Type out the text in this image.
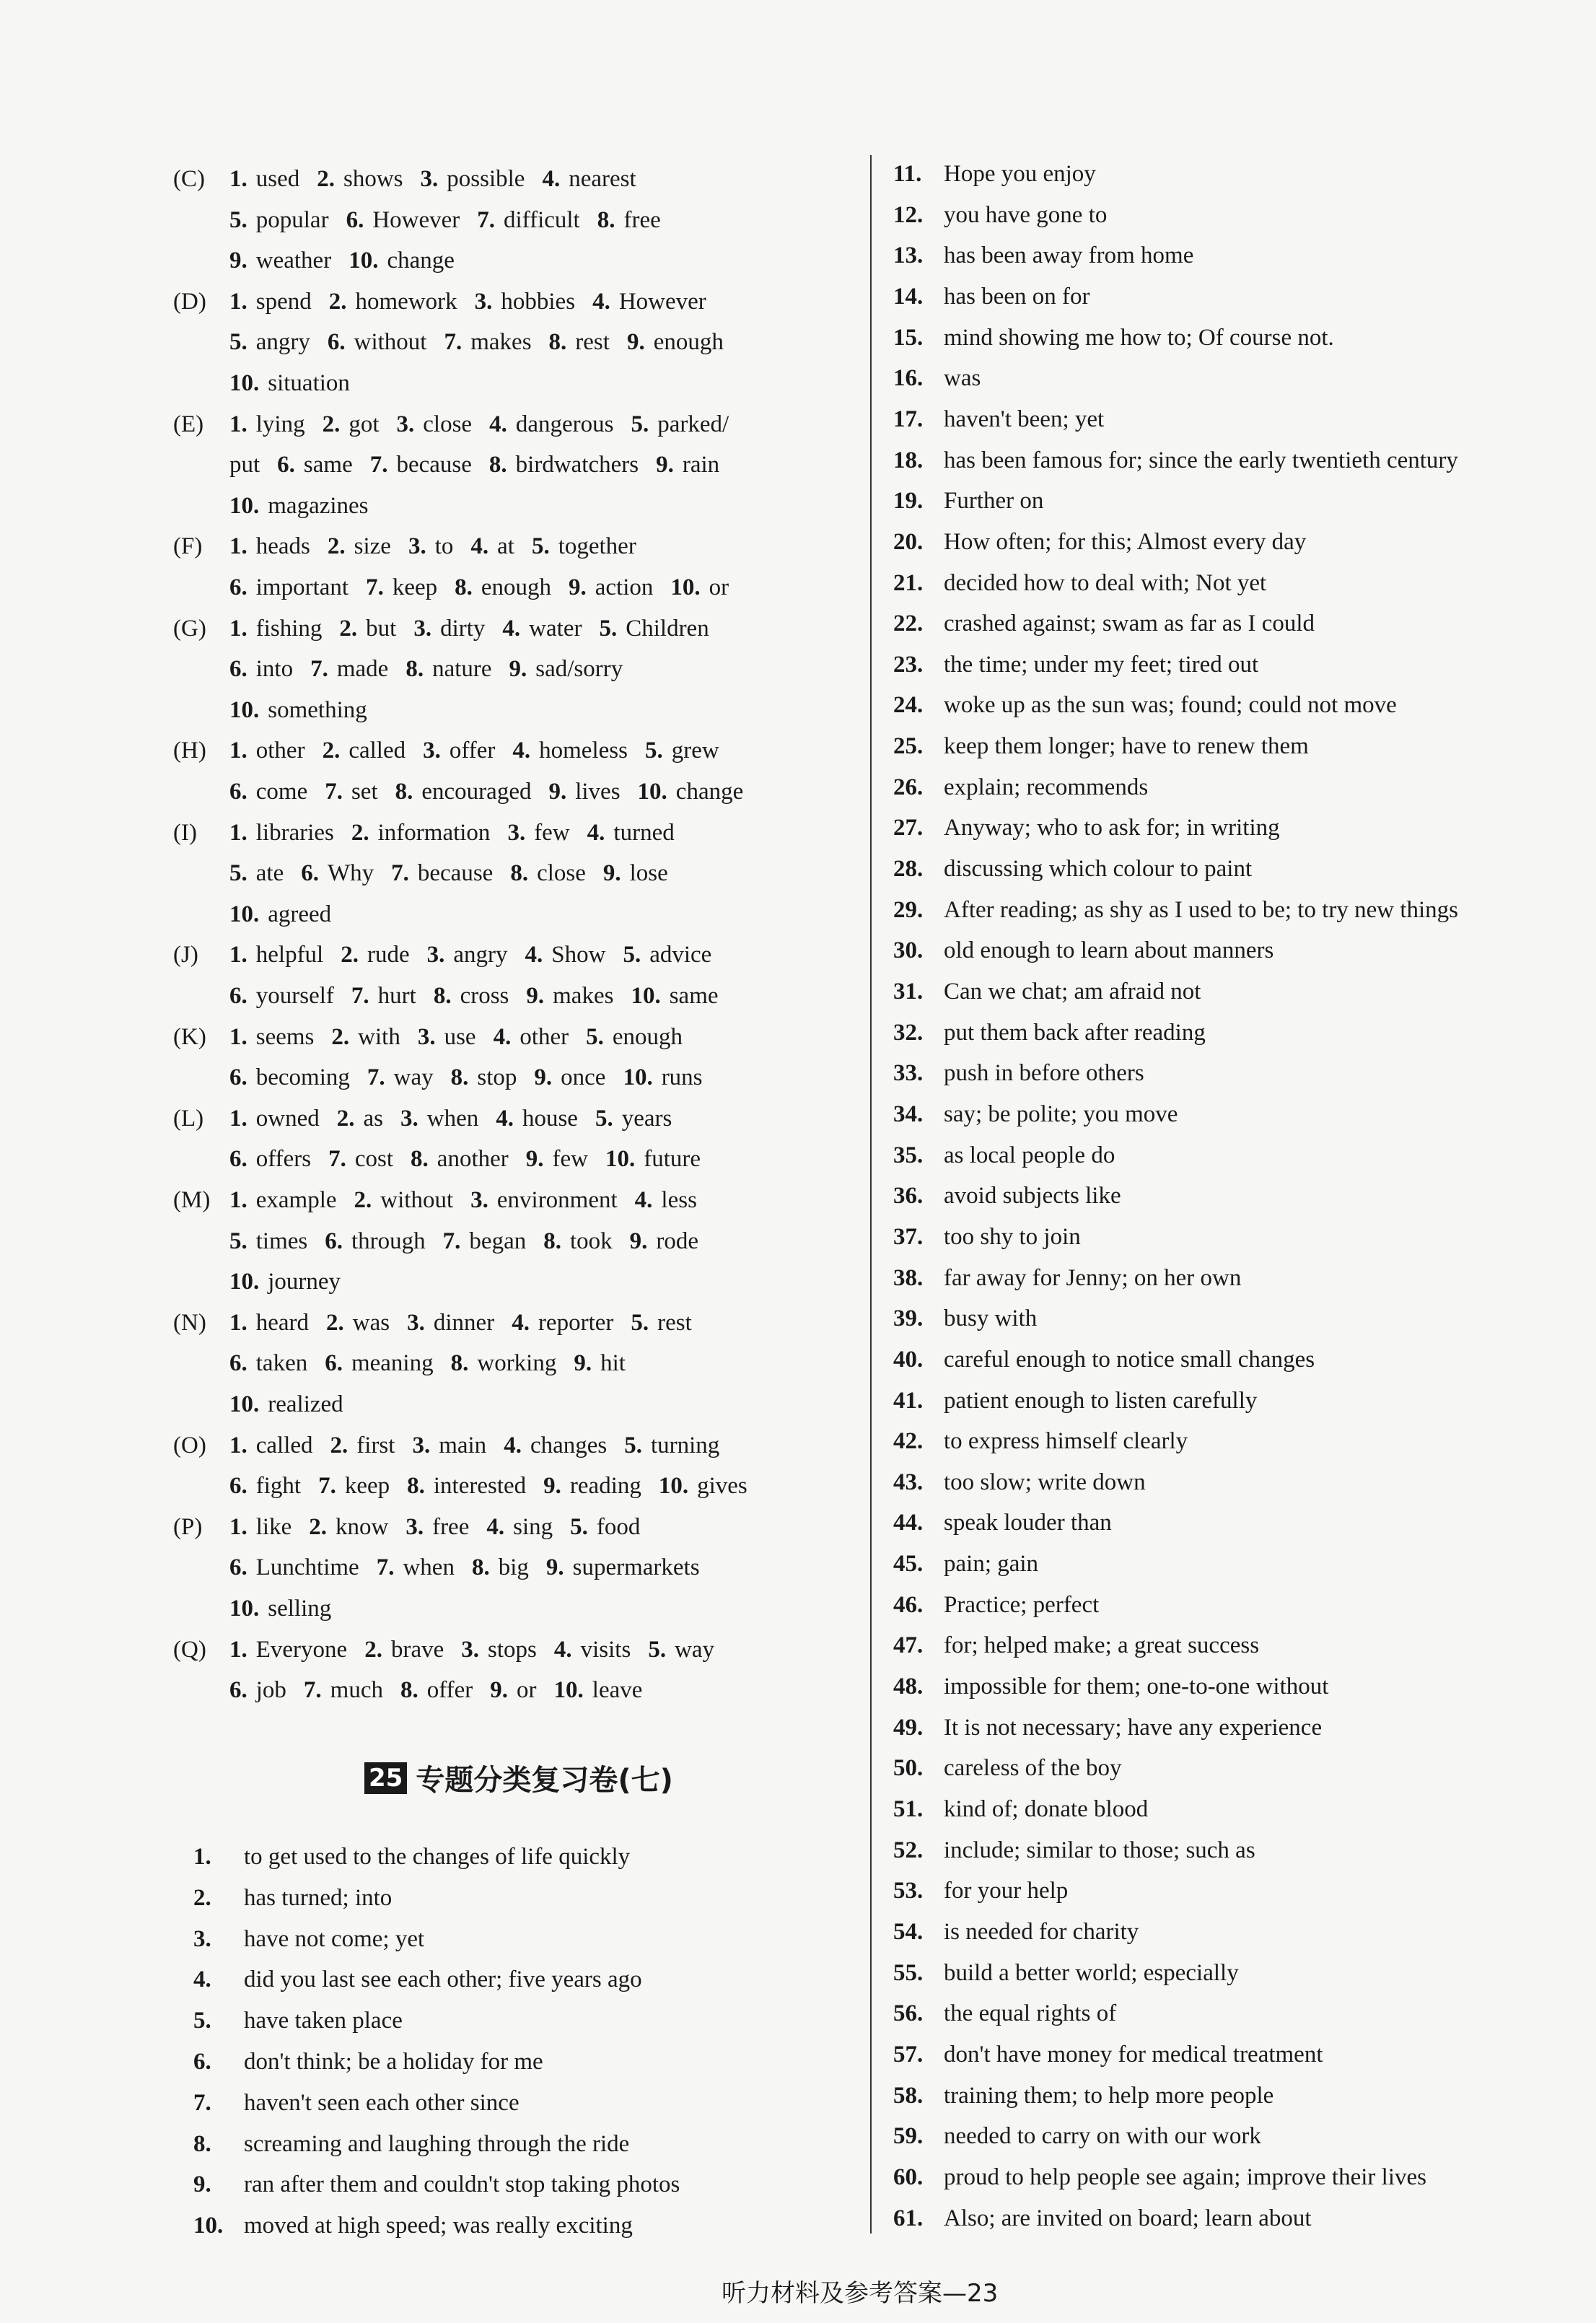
(C) 1. used 2. shows 3. possible 4. nearest
5. popular 6. However 7. difficult 8. free
9. weather 10. change
(D) 1. spend 2. homework 3. hobbies 4. However
5. angry 6. without 7. makes 8. rest 9. enough
10. situation
(E) 1. lying 2. got 3. close 4. dangerous 5. parked/
put 6. same 7. because 8. birdwatchers 9. rain
10. magazines
(F) 1. heads 2. size 3. to 4. at 5. together
6. important 7. keep 8. enough 9. action 10. or
(G) 1. fishing 2. but 3. dirty 4. water 5. Children
6. into 7. made 8. nature 9. sad/sorry
10. something
(H) 1. other 2. called 3. offer 4. homeless 5. grew
6. come 7. set 8. encouraged 9. lives 10. change
(I) 1. libraries 2. information 3. few 4. turned
5. ate 6. Why 7. because 8. close 9. lose
10. agreed
(J) 1. helpful 2. rude 3. angry 4. Show 5. advice
6. yourself 7. hurt 8. cross 9. makes 10. same
(K) 1. seems 2. with 3. use 4. other 5. enough
6. becoming 7. way 8. stop 9. once 10. runs
(L) 1. owned 2. as 3. when 4. house 5. years
6. offers 7. cost 8. another 9. few 10. future
(M) 1. example 2. without 3. environment 4. less
5. times 6. through 7. began 8. took 9. rode
10. journey
(N) 1. heard 2. was 3. dinner 4. reporter 5. rest
6. taken 6. meaning 8. working 9. hit
10. realized
(O) 1. called 2. first 3. main 4. changes 5. turning
6. fight 7. keep 8. interested 9. reading 10. gives
(P) 1. like 2. know 3. free 4. sing 5. food
6. Lunchtime 7. when 8. big 9. supermarkets
10. selling
(Q) 1. Everyone 2. brave 3. stops 4. visits 5. way
6. job 7. much 8. offer 9. or 10. leave
1. to get used to the changes of life quickly
2. has turned; into
3. have not come; yet
4. did you last see each other; five years ago
5. have taken place
6. don't think; be a holiday for me
7. haven't seen each other since
8. screaming and laughing through the ride
9. ran after them and couldn't stop taking photos
10. moved at high speed; was really exciting
11. Hope you enjoy
12. you have gone to
13. has been away from home
14. has been on for
15. mind showing me how to; Of course not.
16. was
17. haven't been; yet
18. has been famous for; since the early twentieth century
19. Further on
20. How often; for this; Almost every day
21. decided how to deal with; Not yet
22. crashed against; swam as far as I could
23. the time; under my feet; tired out
24. woke up as the sun was; found; could not move
25. keep them longer; have to renew them
26. explain; recommends
27. Anyway; who to ask for; in writing
28. discussing which colour to paint
29. After reading; as shy as I used to be; to try new things
30. old enough to learn about manners
31. Can we chat; am afraid not
32. put them back after reading
33. push in before others
34. say; be polite; you move
35. as local people do
36. avoid subjects like
37. too shy to join
38. far away for Jenny; on her own
39. busy with
40. careful enough to notice small changes
41. patient enough to listen carefully
42. to express himself clearly
43. too slow; write down
44. speak louder than
45. pain; gain
46. Practice; perfect
47. for; helped make; a great success
48. impossible for them; one-to-one without
49. It is not necessary; have any experience
50. careless of the boy
51. kind of; donate blood
52. include; similar to those; such as
53. for your help
54. is needed for charity
55. build a better world; especially
56. the equal rights of
57. don't have money for medical treatment
58. training them; to help more people
59. needed to carry on with our work
60. proud to help people see again; improve their lives
61. Also; are invited on board; learn about
25 专题分类复习卷(七)
听力材料及参考答案—23
